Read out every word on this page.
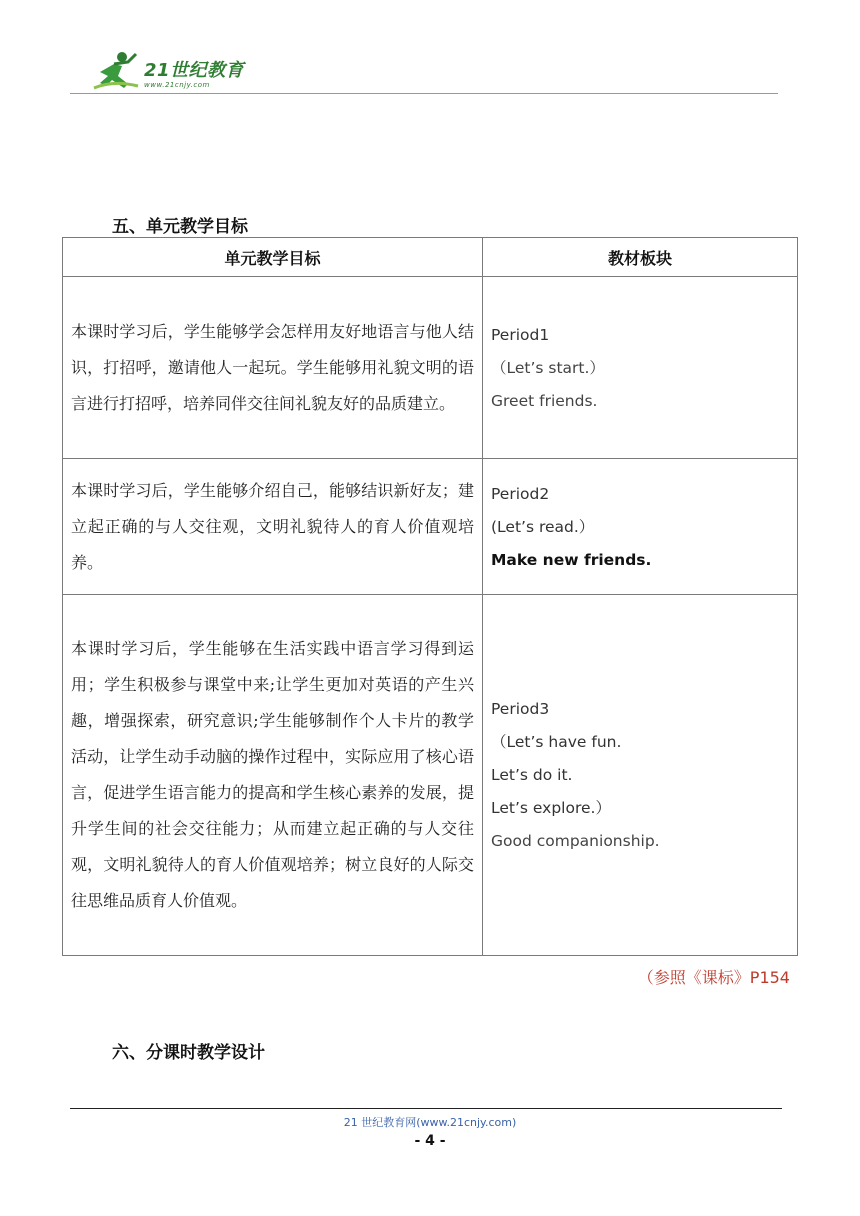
21世纪教育
www.21cnjy.com
五、单元教学目标
单元教学目标	教材板块
本课时学习后，学生能够学会怎样用友好地语言与他人结识，打招呼，邀请他人一起玩。学生能够用礼貌文明的语言进行打招呼，培养同伴交往间礼貌友好的品质建立。	Period1
（Let’s start.）
Greet friends.

本课时学习后，学生能够介绍自己，能够结识新好友；建立起正确的与人交往观，文明礼貌待人的育人价值观培养。	Period2
(Let’s read.）
Make new friends.

本课时学习后，学生能够在生活实践中语言学习得到运用；学生积极参与课堂中来;让学生更加对英语的产生兴趣，增强探索，研究意识;学生能够制作个人卡片的教学活动，让学生动手动脑的操作过程中，实际应用了核心语言，促进学生语言能力的提高和学生核心素养的发展，提升学生间的社会交往能力；从而建立起正确的与人交往观，文明礼貌待人的育人价值观培养；树立良好的人际交往思维品质育人价值观。	Period3
（Let’s have fun.
Let’s do it.
Let’s explore.）
Good companionship.
（参照《课标》P154
六、分课时教学设计
21 世纪教育网(www.21cnjy.com)
- 4 -
